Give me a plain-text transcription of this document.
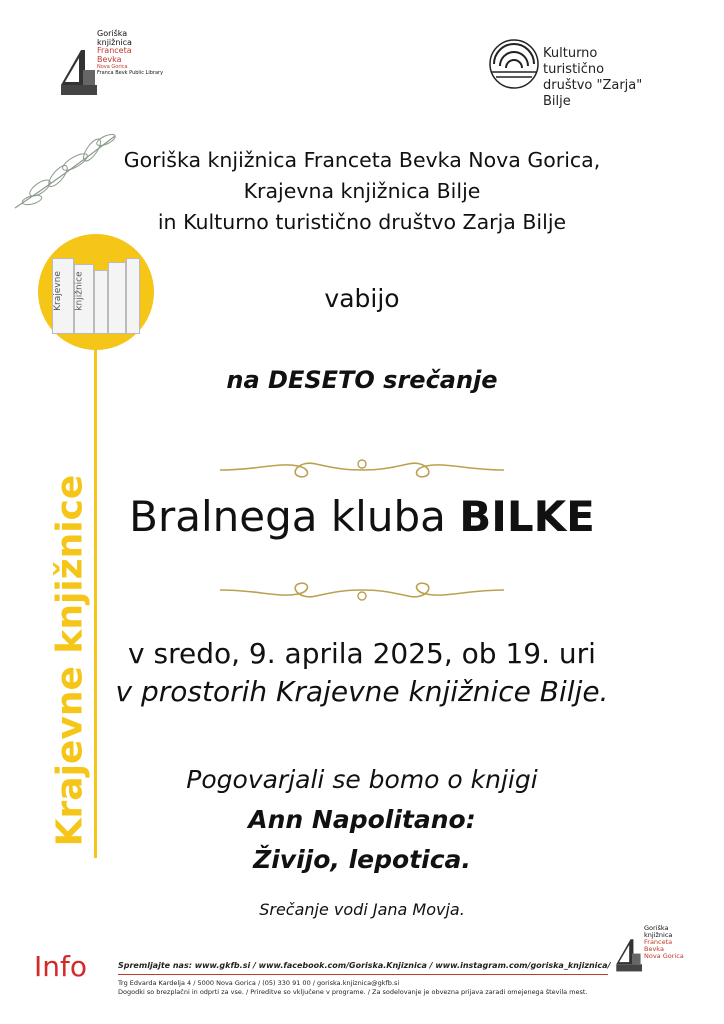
Goriška
knjižnica
Franceta
Bevka
Nova Gorica
Franca Bevk Public Library
Kulturno turistično
društvo "Zarja" Bilje
Krajevne knjižnice
Krajevne knjižnice
Goriška knjižnica Franceta Bevka Nova Gorica,
Krajevna knjižnica Bilje
in Kulturno turistično društvo Zarja Bilje
vabijo
na DESETO srečanje
Bralnega kluba BILKE
v sredo, 9. aprila 2025, ob 19. uri
v prostorih Krajevne knjižnice Bilje.
Pogovarjali se bomo o knjigi
Ann Napolitano:
Živijo, lepotica.
Srečanje vodi Jana Movja.
Info	Spremljajte nas: www.gkfb.si / www.facebook.com/Goriska.Knjiznica / www.instagram.com/goriska_knjiznica/
Trg Edvarda Kardelja 4 / 5000 Nova Gorica / (05) 330 91 00 / goriska.knjiznica@gkfb.si
Dogodki so brezplačni in odprti za vse. / Prireditve so vključene v programe. / Za sodelovanje je obvezna prijava zaradi omejenega števila mest.
Goriška
knjižnica
Franceta
Bevka
Nova Gorica
